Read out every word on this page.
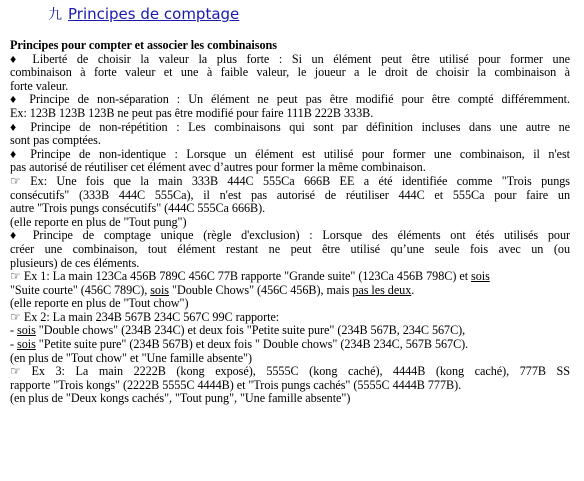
九 Principes de comptage
Principes pour compter et associer les combinaisons
♦ Liberté de choisir la valeur la plus forte : Si un élément peut être utilisé pour former une
combinaison à forte valeur et une à faible valeur, le joueur a le droit de choisir la combinaison à
forte valeur.
♦ Principe de non-séparation : Un élément ne peut pas être modifié pour être compté différemment.
Ex: 123B 123B 123B ne peut pas être modifié pour faire 111B 222B 333B.
♦ Principe de non-répétition : Les combinaisons qui sont par définition incluses dans une autre ne
sont pas comptées.
♦ Principe de non-identique : Lorsque un élément est utilisé pour former une combinaison, il n'est
pas autorisé de réutiliser cet élément avec d’autres pour former la même combinaison.
☞ Ex: Une fois que la main 333B 444C 555Ca 666B EE a été identifiée comme "Trois pungs
consécutifs" (333B 444C 555Ca), il n'est pas autorisé de réutiliser 444C et 555Ca pour faire un
autre "Trois pungs consécutifs" (444C 555Ca 666B).
(elle reporte en plus de "Tout pung")
♦ Principe de comptage unique (règle d'exclusion) : Lorsque des éléments ont étés utilisés pour
créer une combinaison, tout élément restant ne peut être utilisé qu’une seule fois avec un (ou
plusieurs) de ces éléments.
☞ Ex 1: La main 123Ca 456B 789C 456C 77B rapporte "Grande suite" (123Ca 456B 798C) et sois
"Suite courte" (456C 789C), sois "Double Chows" (456C 456B), mais pas les deux.
(elle reporte en plus de "Tout chow")
☞ Ex 2: La main 234B 567B 234C 567C 99C rapporte:
- sois "Double chows" (234B 234C) et deux fois "Petite suite pure" (234B 567B, 234C 567C),
- sois "Petite suite pure" (234B 567B) et deux fois " Double chows" (234B 234C, 567B 567C).
(en plus de "Tout chow" et "Une famille absente")
☞ Ex 3: La main 2222B (kong exposé), 5555C (kong caché), 4444B (kong caché), 777B SS
rapporte "Trois kongs" (2222B 5555C 4444B) et "Trois pungs cachés" (5555C 4444B 777B).
(en plus de "Deux kongs cachés", "Tout pung", "Une famille absente")
